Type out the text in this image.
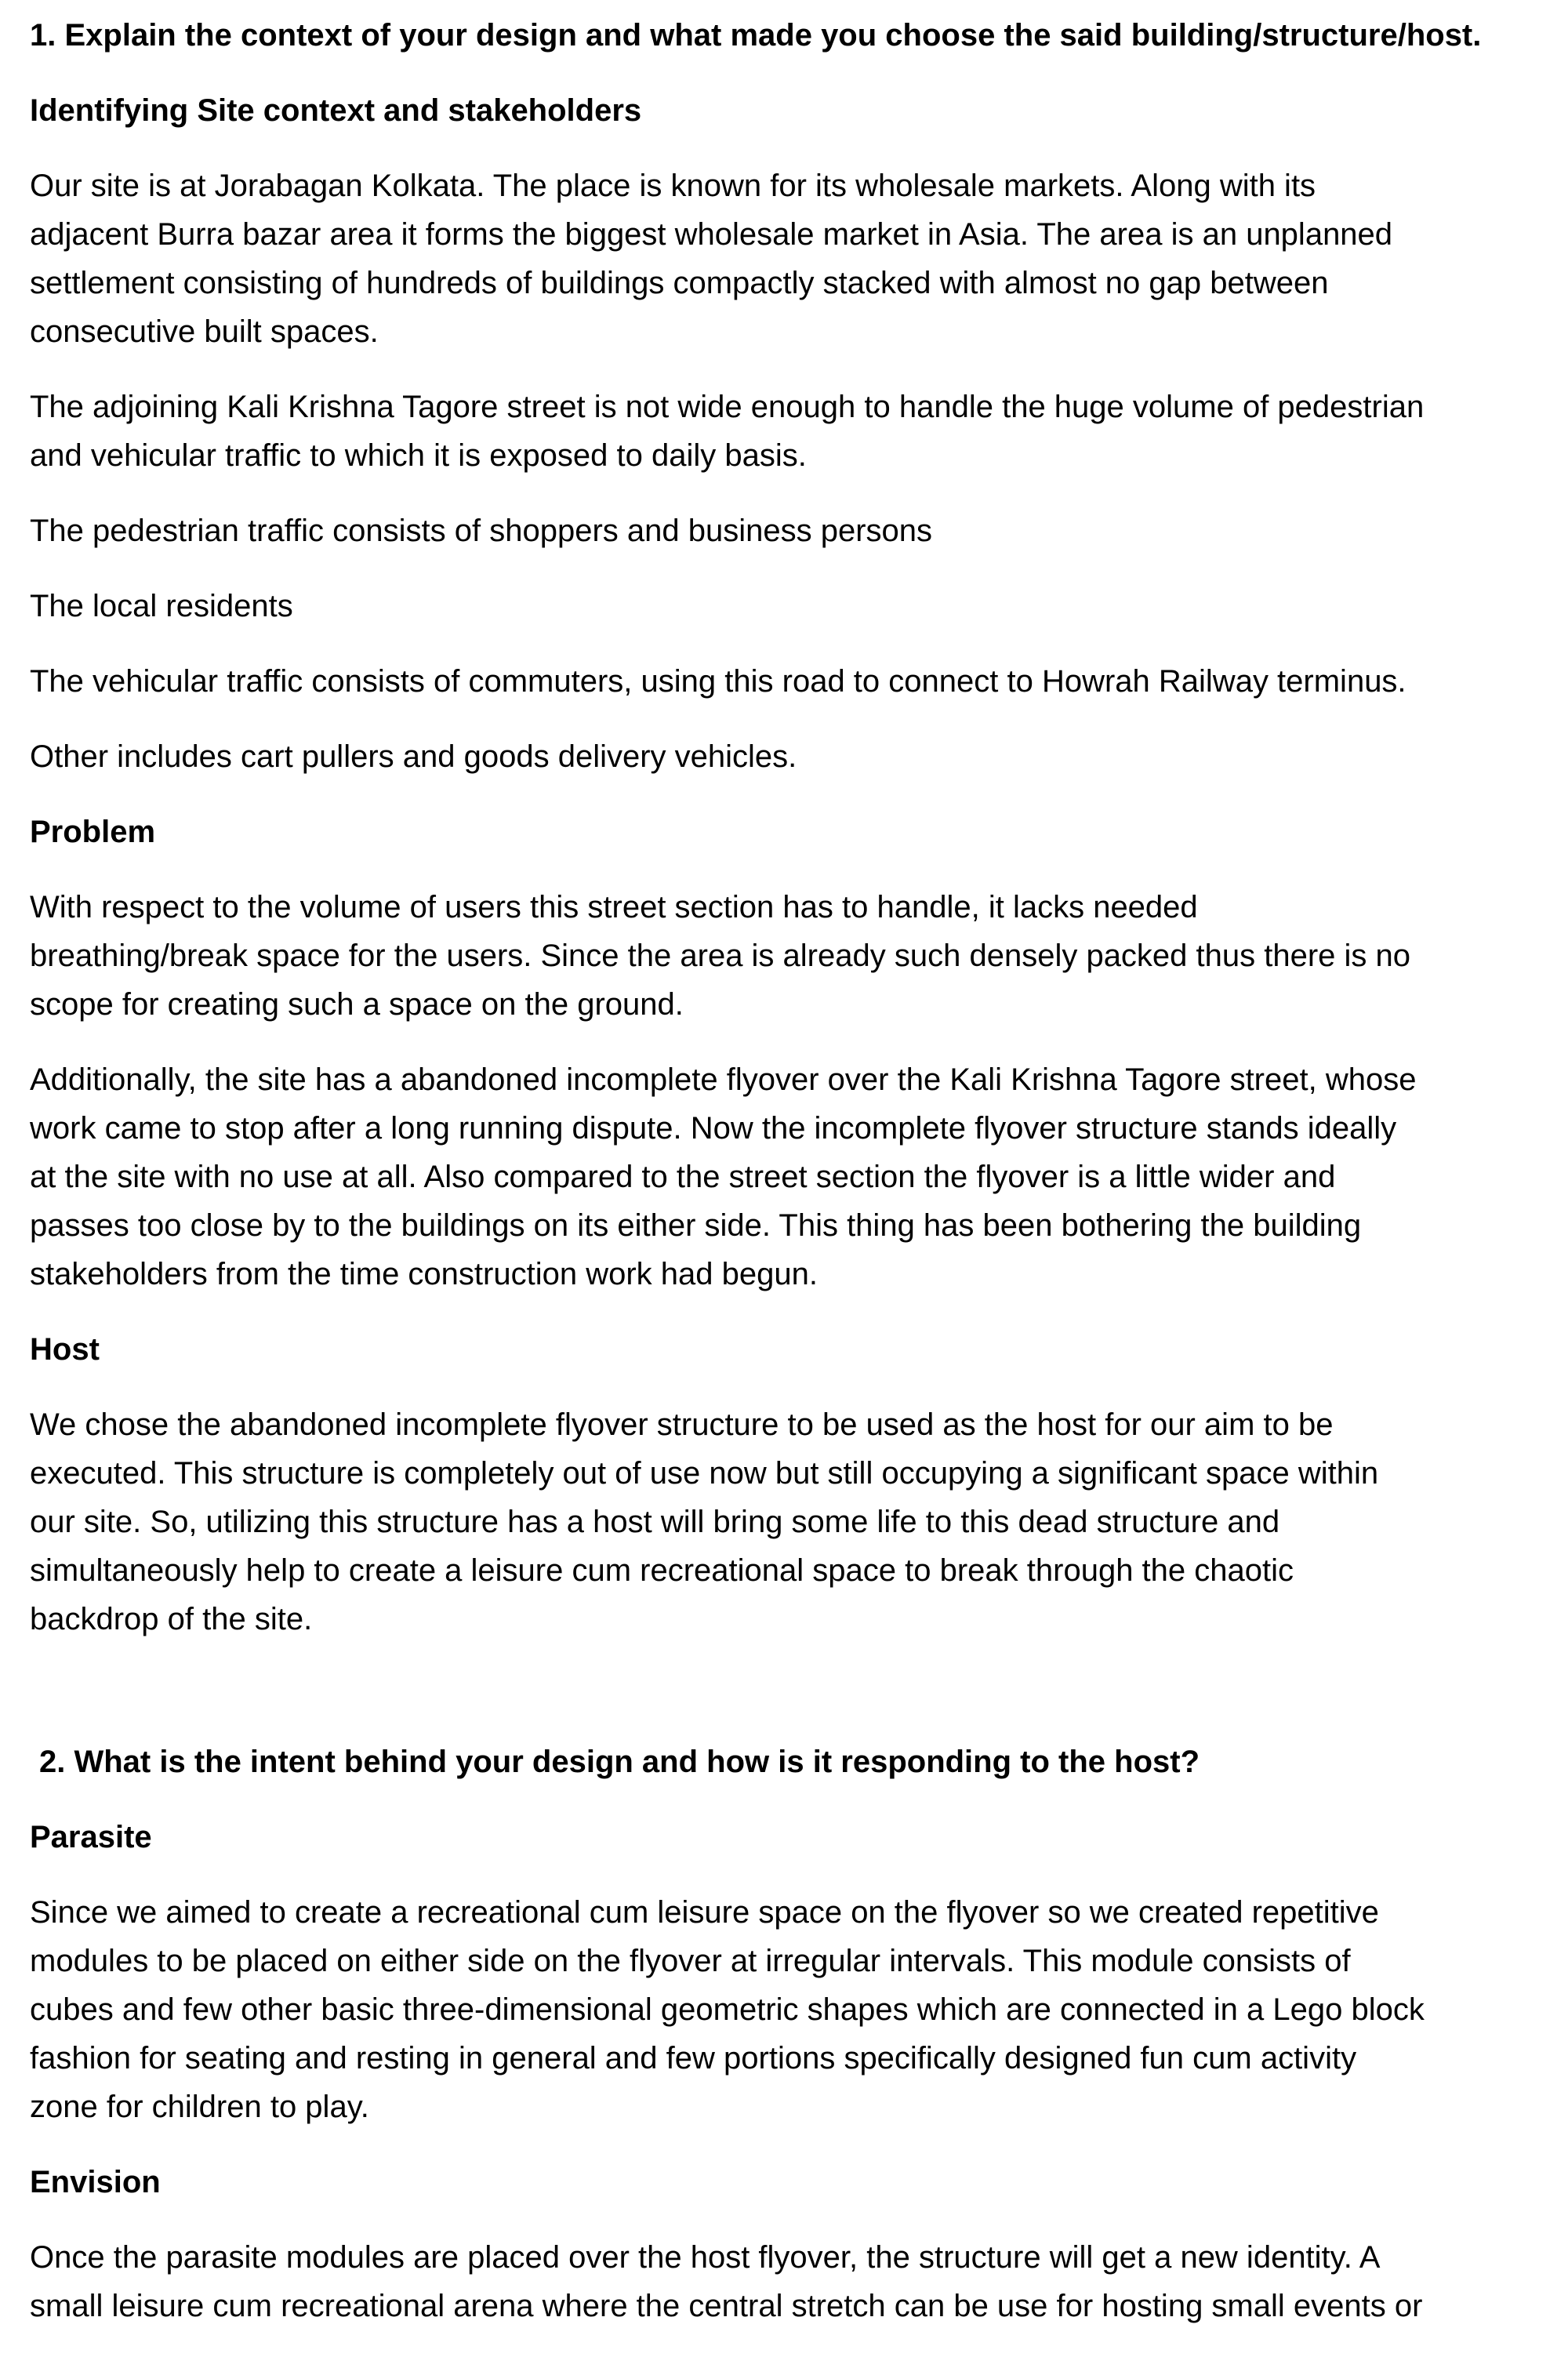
1. Explain the context of your design and what made you choose the said building/structure/host.
Identifying Site context and stakeholders
Our site is at Jorabagan Kolkata. The place is known for its wholesale markets. Along with its
adjacent Burra bazar area it forms the biggest wholesale market in Asia. The area is an unplanned
settlement consisting of hundreds of buildings compactly stacked with almost no gap between
consecutive built spaces.
The adjoining Kali Krishna Tagore street is not wide enough to handle the huge volume of pedestrian
and vehicular traffic to which it is exposed to daily basis.
The pedestrian traffic consists of shoppers and business persons
The local residents
The vehicular traffic consists of commuters, using this road to connect to Howrah Railway terminus.
Other includes cart pullers and goods delivery vehicles.
Problem
With respect to the volume of users this street section has to handle, it lacks needed
breathing/break space for the users. Since the area is already such densely packed thus there is no
scope for creating such a space on the ground.
Additionally, the site has a abandoned incomplete flyover over the Kali Krishna Tagore street, whose
work came to stop after a long running dispute. Now the incomplete flyover structure stands ideally
at the site with no use at all. Also compared to the street section the flyover is a little wider and
passes too close by to the buildings on its either side. This thing has been bothering the building
stakeholders from the time construction work had begun.
Host
We chose the abandoned incomplete flyover structure to be used as the host for our aim to be
executed. This structure is completely out of use now but still occupying a significant space within
our site. So, utilizing this structure has a host will bring some life to this dead structure and
simultaneously help to create a leisure cum recreational space to break through the chaotic
backdrop of the site.
2. What is the intent behind your design and how is it responding to the host?
Parasite
Since we aimed to create a recreational cum leisure space on the flyover so we created repetitive
modules to be placed on either side on the flyover at irregular intervals. This module consists of
cubes and few other basic three-dimensional geometric shapes which are connected in a Lego block
fashion for seating and resting in general and few portions specifically designed fun cum activity
zone for children to play.
Envision
Once the parasite modules are placed over the host flyover, the structure will get a new identity. A
small leisure cum recreational arena where the central stretch can be use for hosting small events or
